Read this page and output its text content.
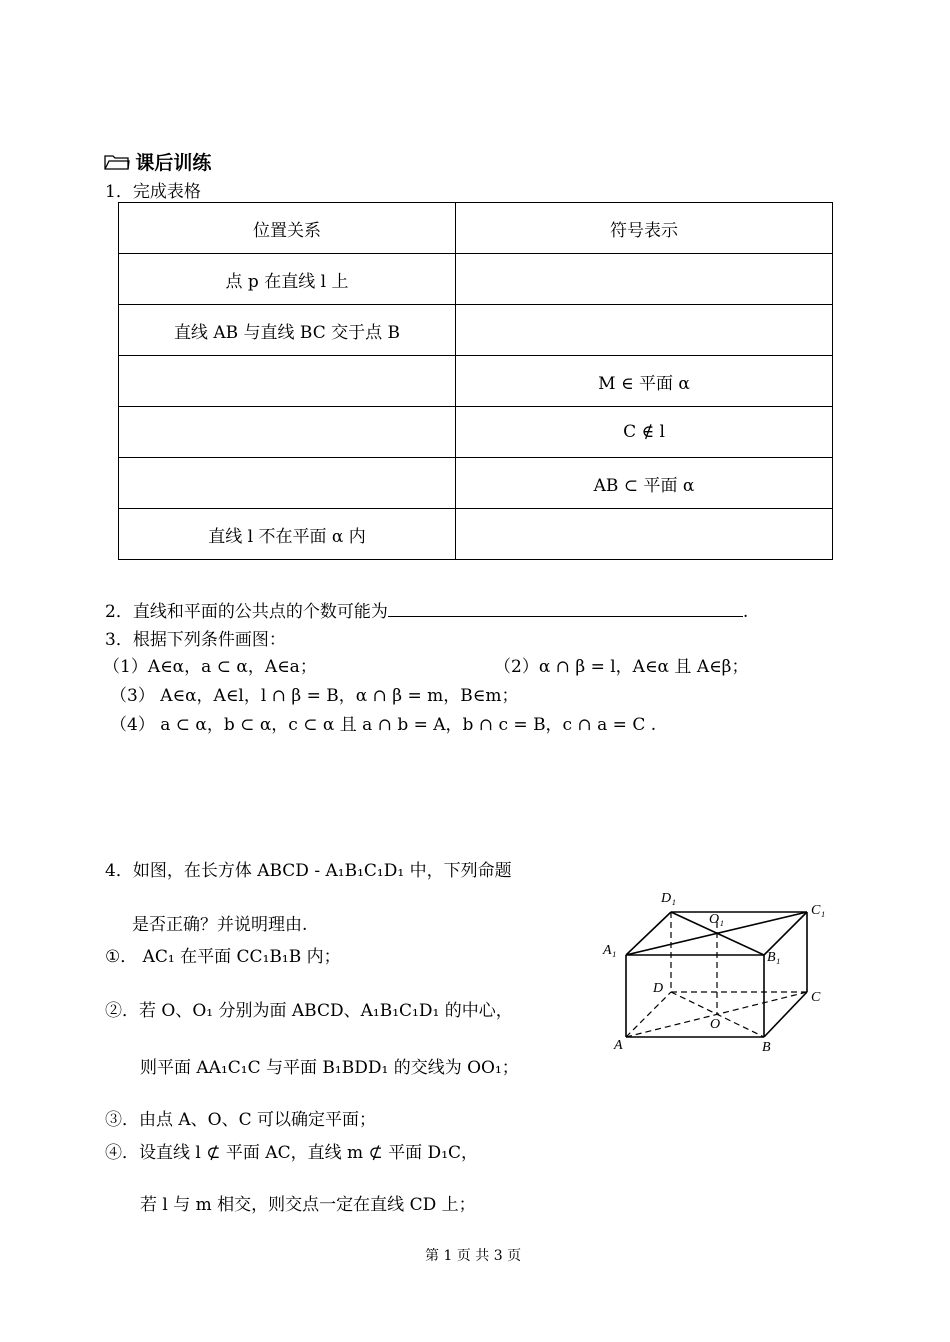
课后训练
1．完成表格
位置关系	符号表示
点 p 在直线 l 上	
直线 AB 与直线 BC 交于点 B	
	M ∈ 平面 α
	C ∉ l
	AB ⊂ 平面 α
直线 l 不在平面 α 内	
2．直线和平面的公共点的个数可能为	.
3．根据下列条件画图：
（1）A∈α，a ⊂ α，A∈a；	（2）α ∩ β = l，A∈α 且 A∈β；
（3） A∈α，A∈l，l ∩ β = B，α ∩ β = m，B∈m；
（4） a ⊂ α，b ⊂ α，c ⊂ α 且 a ∩ b = A，b ∩ c = B，c ∩ a = C .
4．如图，在长方体 ABCD - A₁B₁C₁D₁ 中，下列命题
是否正确？并说明理由.
①． AC₁ 在平面 CC₁B₁B 内；
②．若 O、O₁ 分别为面 ABCD、A₁B₁C₁D₁ 的中心，
则平面 AA₁C₁C 与平面 B₁BDD₁ 的交线为 OO₁；
③．由点 A、O、C 可以确定平面；
④．设直线 l ⊄ 平面 AC，直线 m ⊄ 平面 D₁C，
若 l 与 m 相交，则交点一定在直线 CD 上；
D₁
O₁
C₁
A₁	B₁
D
C
O
A	B
第 1 页 共 3 页
